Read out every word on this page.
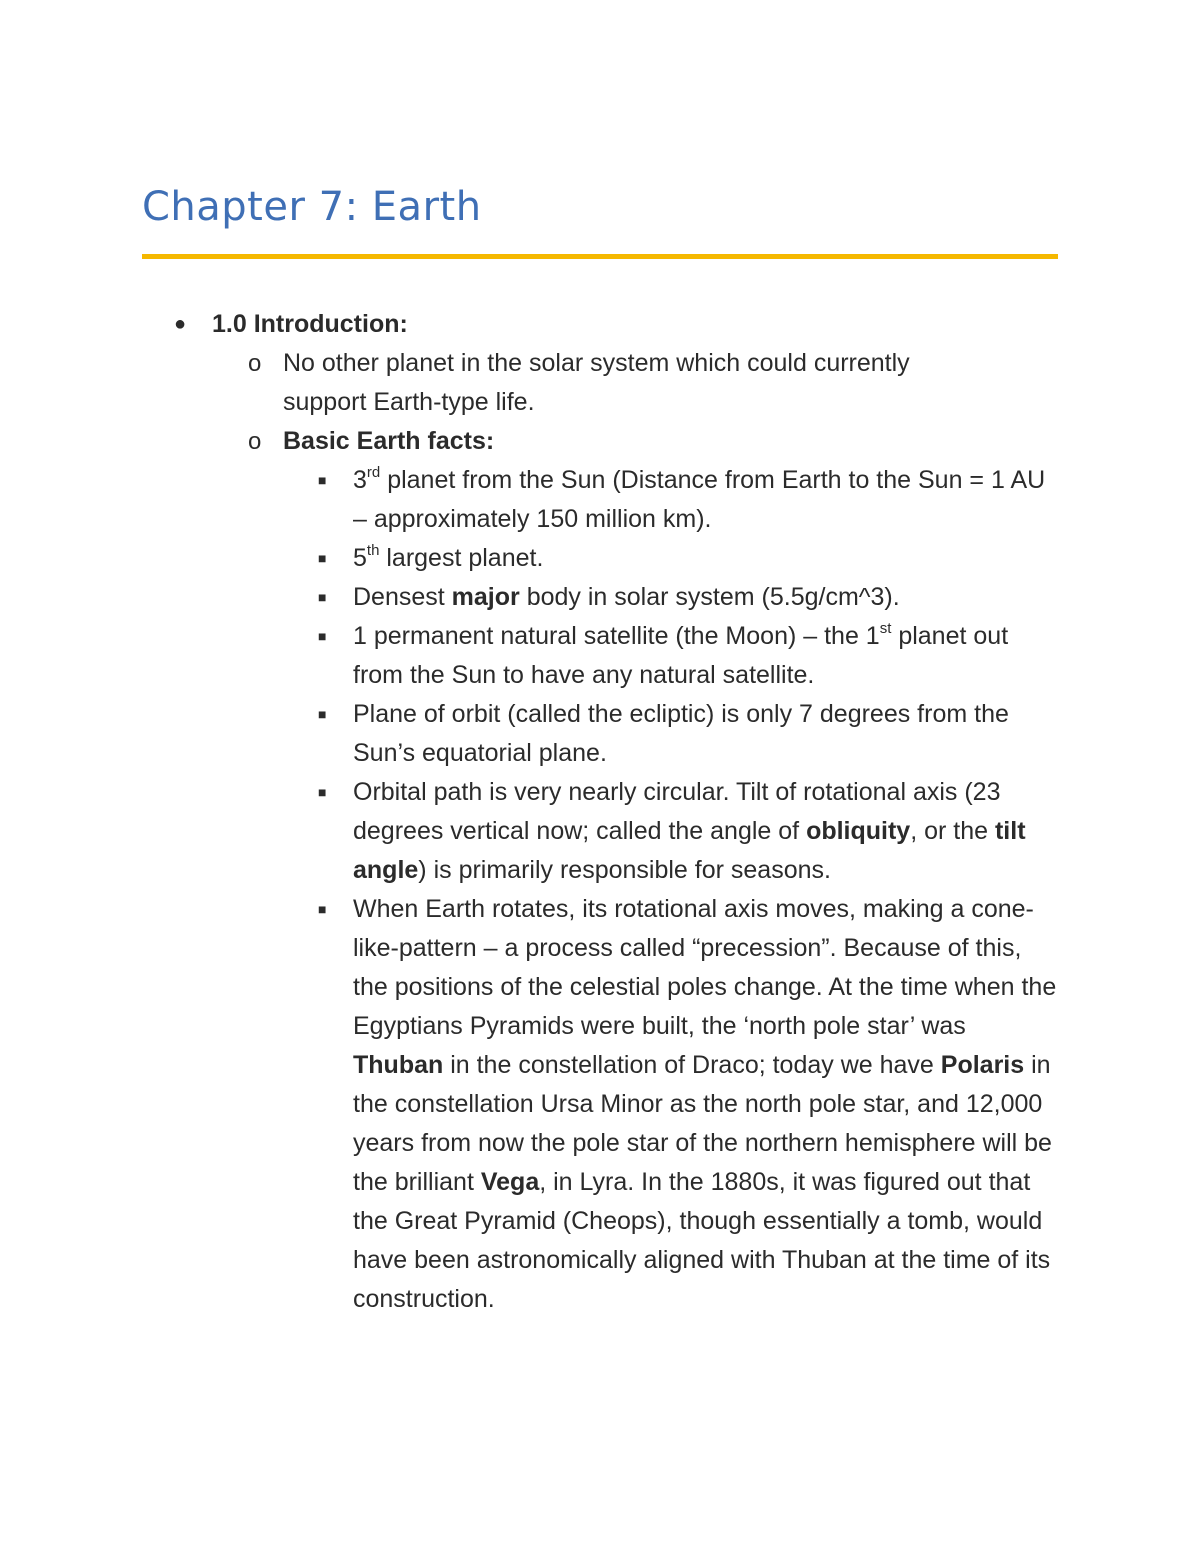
Chapter 7: Earth
● 1.0 Introduction:
o No other planet in the solar system which could currently support Earth-type life.
o Basic Earth facts:
■ 3rd planet from the Sun (Distance from Earth to the Sun = 1 AU – approximately 150 million km).
■ 5th largest planet.
■ Densest major body in solar system (5.5g/cm^3).
■ 1 permanent natural satellite (the Moon) – the 1st planet out from the Sun to have any natural satellite.
■ Plane of orbit (called the ecliptic) is only 7 degrees from the Sun’s equatorial plane.
■ Orbital path is very nearly circular. Tilt of rotational axis (23 degrees vertical now; called the angle of obliquity, or the tilt angle) is primarily responsible for seasons.
■ When Earth rotates, its rotational axis moves, making a cone-like-pattern – a process called “precession”. Because of this, the positions of the celestial poles change. At the time when the Egyptians Pyramids were built, the ‘north pole star’ was Thuban in the constellation of Draco; today we have Polaris in the constellation Ursa Minor as the north pole star, and 12,000 years from now the pole star of the northern hemisphere will be the brilliant Vega, in Lyra. In the 1880s, it was figured out that the Great Pyramid (Cheops), though essentially a tomb, would have been astronomically aligned with Thuban at the time of its construction.
